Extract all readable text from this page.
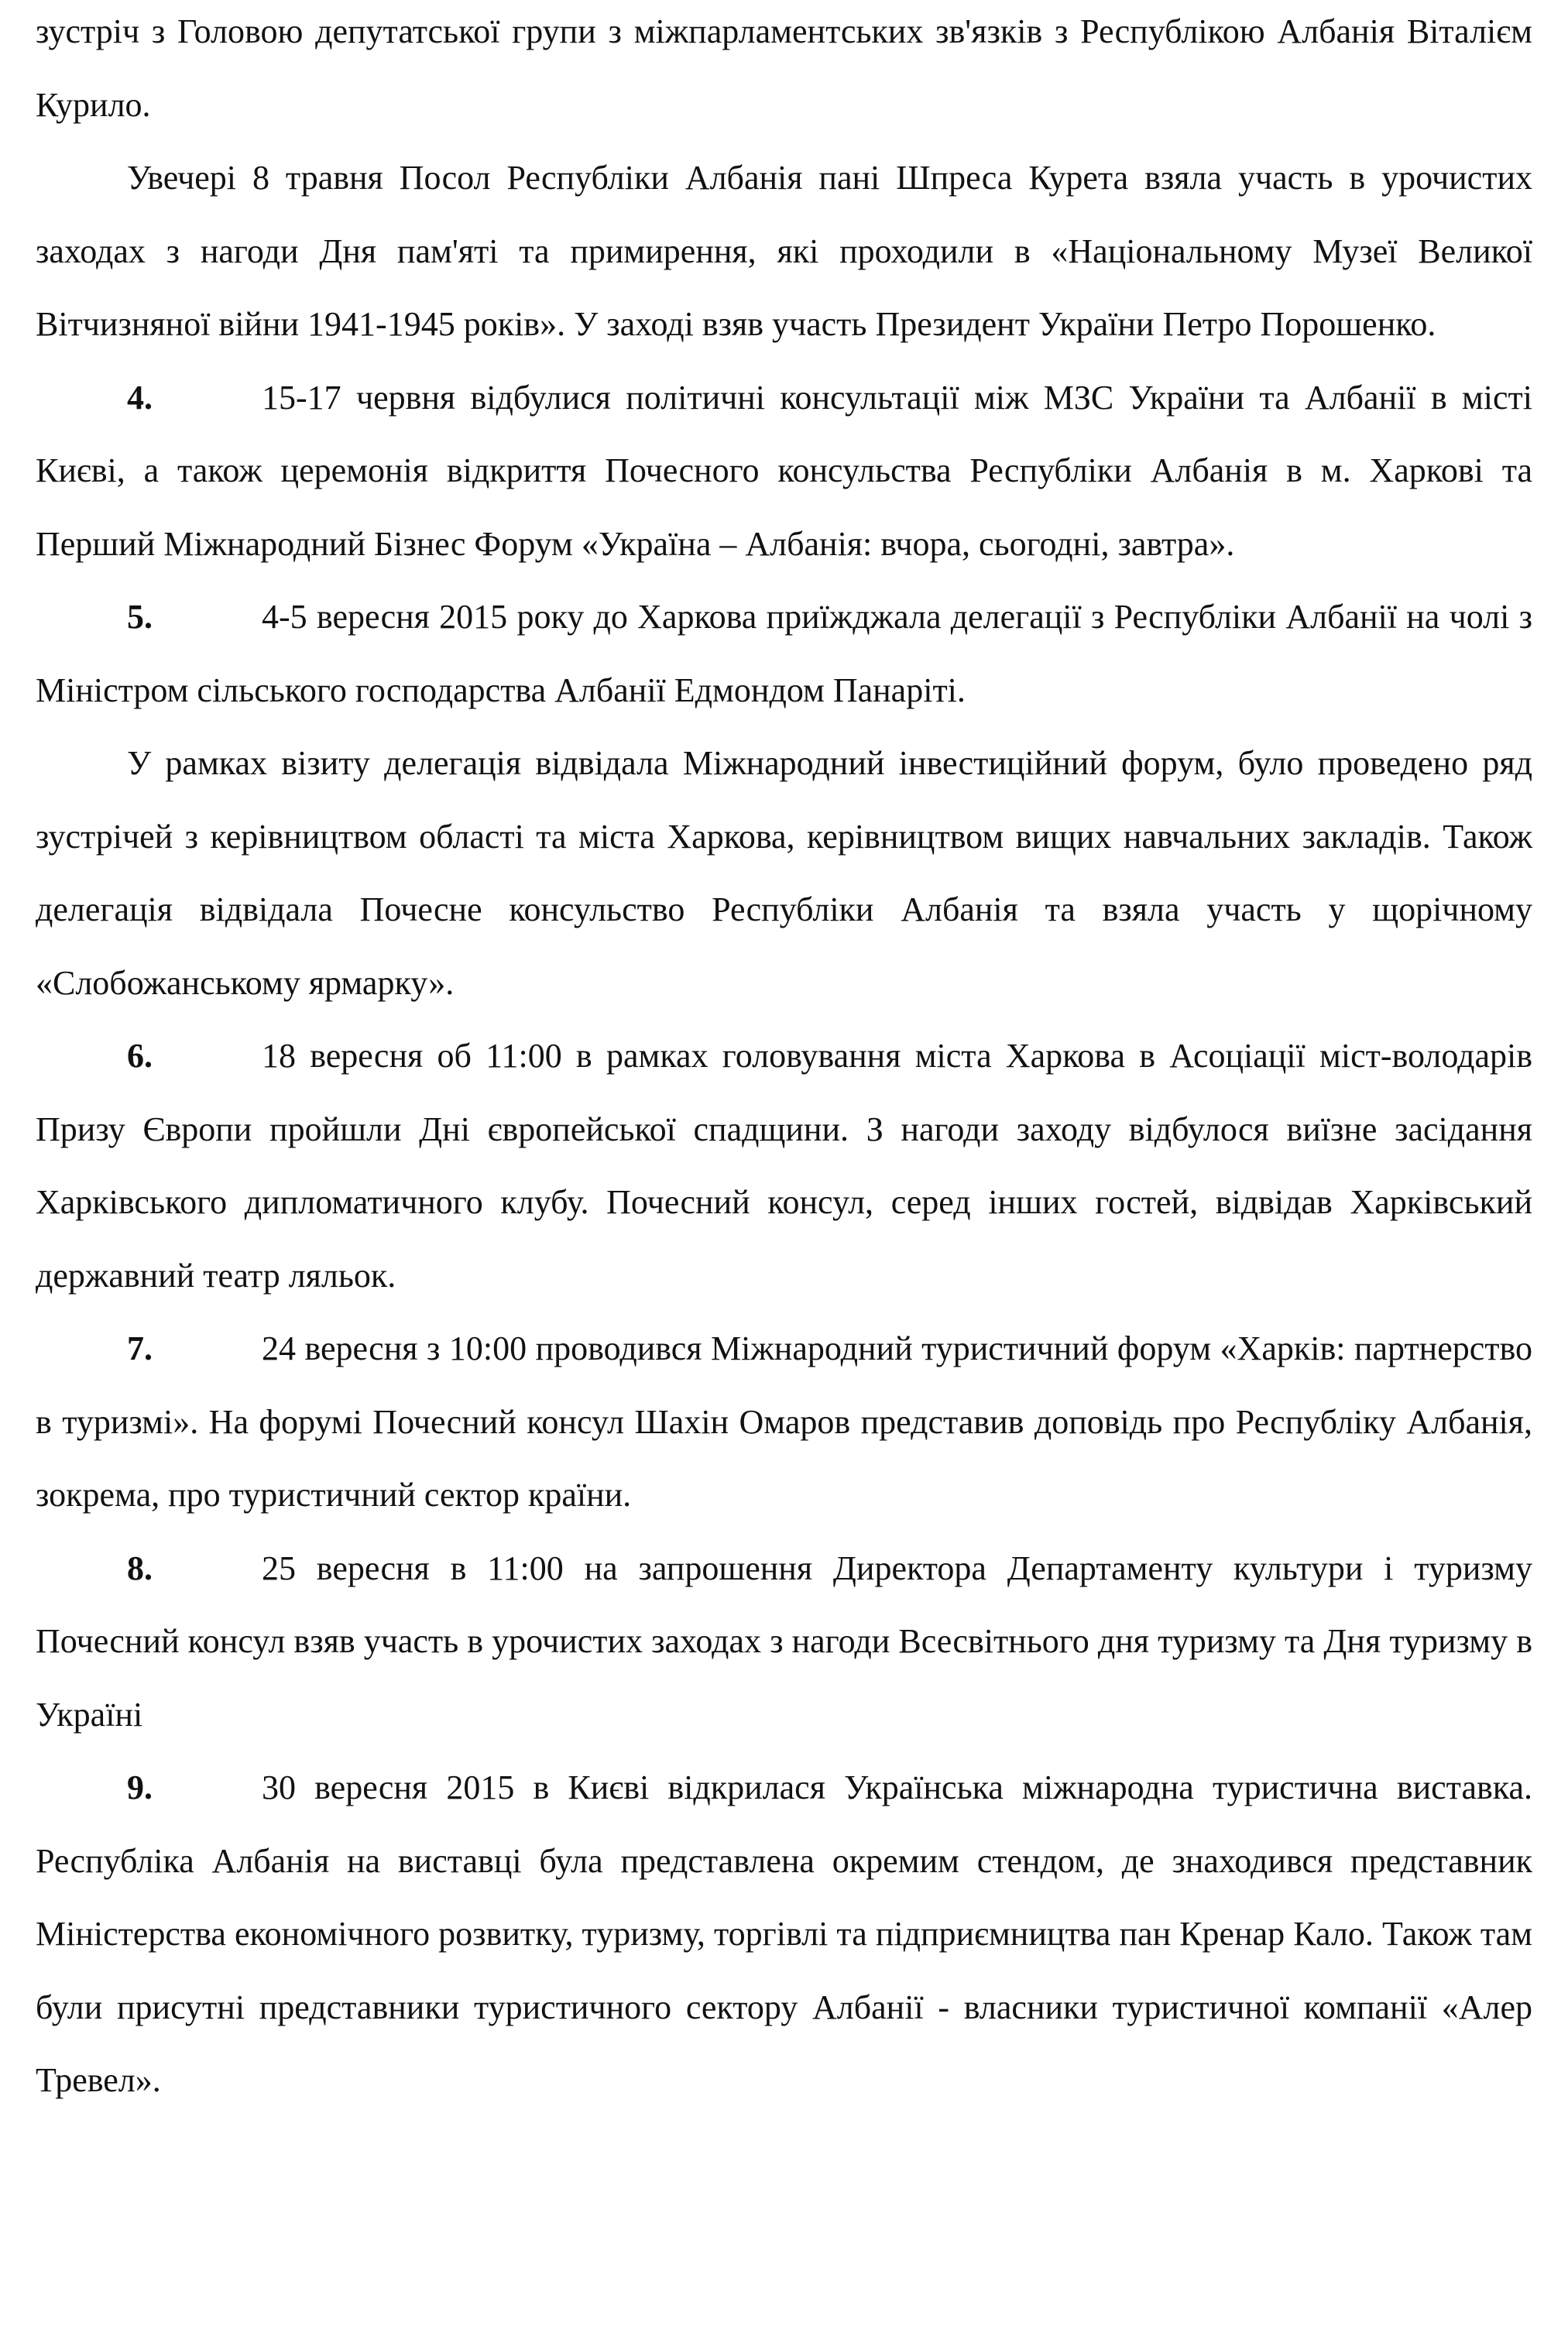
зустріч з Головою депутатської групи з міжпарламентських зв'язків з Республікою Албанія Віталієм Курило.

Увечері 8 травня Посол Республіки Албанія пані Шпреса Курета взяла участь в урочистих заходах з нагоди Дня пам'яті та примирення, які проходили в «Національному Музеї Великої Вітчизняної війни 1941-1945 років». У заході взяв участь Президент України Петро Порошенко.

4.	15-17 червня відбулися політичні консультації між МЗС України та Албанії в місті Києві, а також церемонія відкриття Почесного консульства Республіки Албанія в м. Харкові та Перший Міжнародний Бізнес Форум «Україна – Албанія: вчора, сьогодні, завтра».

5.	4-5 вересня 2015 року до Харкова приїжджала делегації з Республіки Албанії на чолі з Міністром сільського господарства Албанії Едмондом Панаріті.

У рамках візиту делегація відвідала Міжнародний інвестиційний форум, було проведено ряд зустрічей з керівництвом області та міста Харкова, керівництвом вищих навчальних закладів. Також делегація відвідала Почесне консульство Республіки Албанія та взяла участь у щорічному «Слобожанському ярмарку».

6.	18 вересня об 11:00 в рамках головування міста Харкова в Асоціації міст-володарів Призу Європи пройшли Дні європейської спадщини. З нагоди заходу відбулося виїзне засідання Харківського дипломатичного клубу. Почесний консул, серед інших гостей, відвідав Харківський державний театр ляльок.

7.	24 вересня з 10:00 проводився Міжнародний туристичний форум «Харків: партнерство в туризмі». На форумі Почесний консул Шахін Омаров представив доповідь про Республіку Албанія, зокрема, про туристичний сектор країни.

8.	25 вересня в 11:00 на запрошення Директора Департаменту культури і туризму Почесний консул взяв участь в урочистих заходах з нагоди Всесвітнього дня туризму та Дня туризму в Україні

9.	30 вересня 2015 в Києві відкрилася Українська міжнародна туристична виставка. Республіка Албанія на виставці була представлена окремим стендом, де знаходився представник Міністерства економічного розвитку, туризму, торгівлі та підприємництва пан Кренар Кало. Також там були присутні представники туристичного сектору Албанії - власники туристичної компанії «Алер Тревел».
